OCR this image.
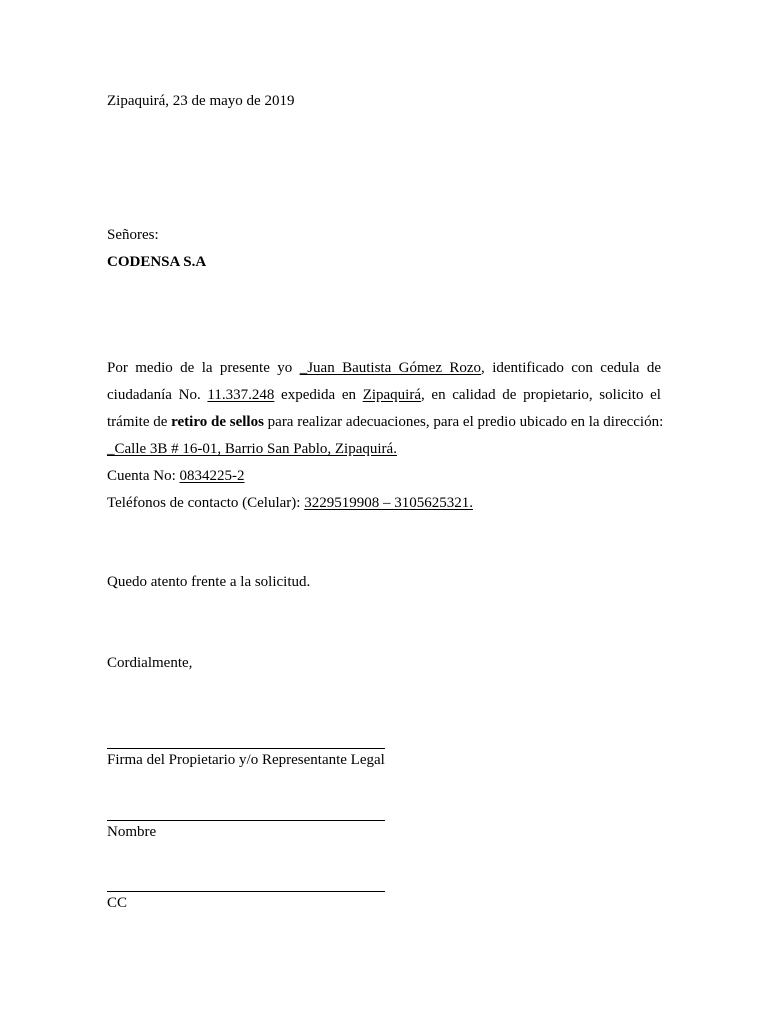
Zipaquirá, 23 de mayo de 2019
Señores:
CODENSA S.A
Por medio de la presente yo _Juan Bautista Gómez Rozo, identificado con cedula de
ciudadanía No. 11.337.248 expedida en Zipaquirá, en calidad de propietario, solicito el
trámite de retiro de sellos para realizar adecuaciones, para el predio ubicado en la dirección:
_Calle 3B # 16-01, Barrio San Pablo, Zipaquirá.
Cuenta No: 0834225-2
Teléfonos de contacto (Celular): 3229519908 – 3105625321.
Quedo atento frente a la solicitud.
Cordialmente,
Firma del Propietario y/o Representante Legal
Nombre
CC
